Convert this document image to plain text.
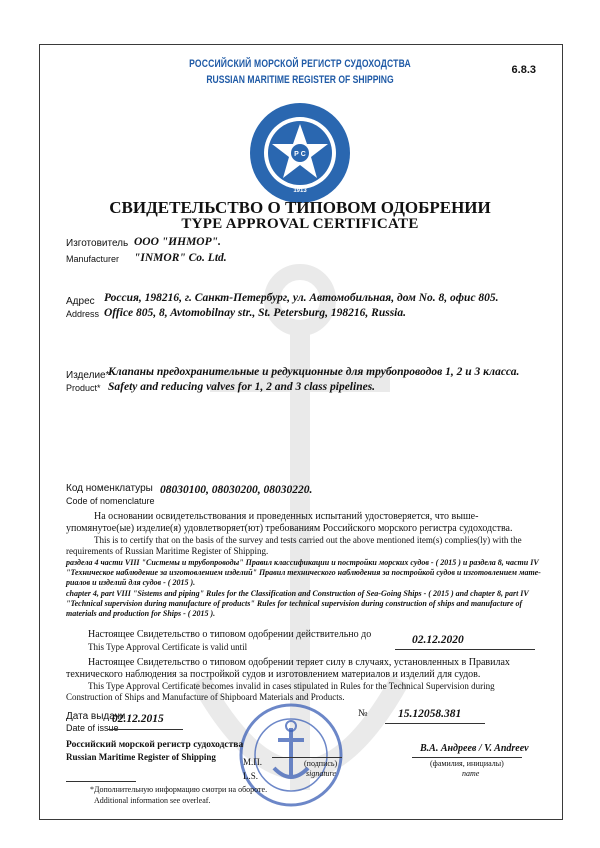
РОССИЙСКИЙ МОРСКОЙ РЕГИСТР СУДОХОДСТВА
RUSSIAN MARITIME REGISTER OF SHIPPING
6.8.3
Р С
1913
СВИДЕТЕЛЬСТВО О ТИПОВОМ ОДОБРЕНИИ
TYPE APPROVAL CERTIFICATE
Изготовитель
Manufacturer
ООО "ИНМОР".
"INMOR" Co. Ltd.
Адрес
Address
Россия, 198216, г. Санкт-Петербург, ул. Автомобильная, дом No. 8, офис 805.
Office 805, 8, Avtomobilnay str., St. Petersburg, 198216, Russia.
Изделие*
Product*
Клапаны предохранительные и редукционные для трубопроводов 1, 2 и 3 класса.
Safety and reducing valves for 1, 2 and 3 class pipelines.
Код номенклатуры
Code of nomenclature
08030100, 08030200, 08030220.
На основании освидетельствования и проведенных испытаний удостоверяется, что выше-
упомянутое(ые) изделие(я) удовлетворяет(ют) требованиям Российского морского регистра судоходства.
This is to certify that on the basis of the survey and tests carried out the above mentioned item(s) complies(ly) with the
requirements of Russian Maritime Register of Shipping.
раздела 4 части VIII "Системы и трубопроводы" Правил классификации и постройки морских судов - ( 2015 ) и раздела 8, части IV
"Техническое наблюдение за изготовлением изделий" Правил технического наблюдения за постройкой судов и изготовлением мате-
риалов и изделий для судов - ( 2015 ).
chapter 4, part VIII "Sistems and piping" Rules for the Classification and Construction of Sea-Going Ships - ( 2015 ) and chapter 8, part IV
"Technical supervision during manufacture of products" Rules for technical supervision during construction of ships and manufacture of
materials and production for Ships - ( 2015 ).
Настоящее Свидетельство о типовом одобрении действительно до
This Type Approval Certificate is valid until
02.12.2020
Настоящее Свидетельство о типовом одобрении теряет силу в случаях, установленных в Правилах
технического наблюдения за постройкой судов и изготовлением материалов и изделий для судов.
This Type Approval Certificate becomes invalid in cases stipulated in Rules for the Technical Supervision during
Construction of Ships and Manufacture of Shipboard Materials and Products.
Дата выдачи
Date of issue
02.12.2015	№	15.12058.381
Российский морской регистр судоходства
Russian Maritime Register of Shipping	М.П.
L.S.
(подпись)
signature
В.А. Андреев / V. Andreev
(фамилия, инициалы)
name
*Дополнительную информацию смотри на обороте.
Additional information see overleaf.
